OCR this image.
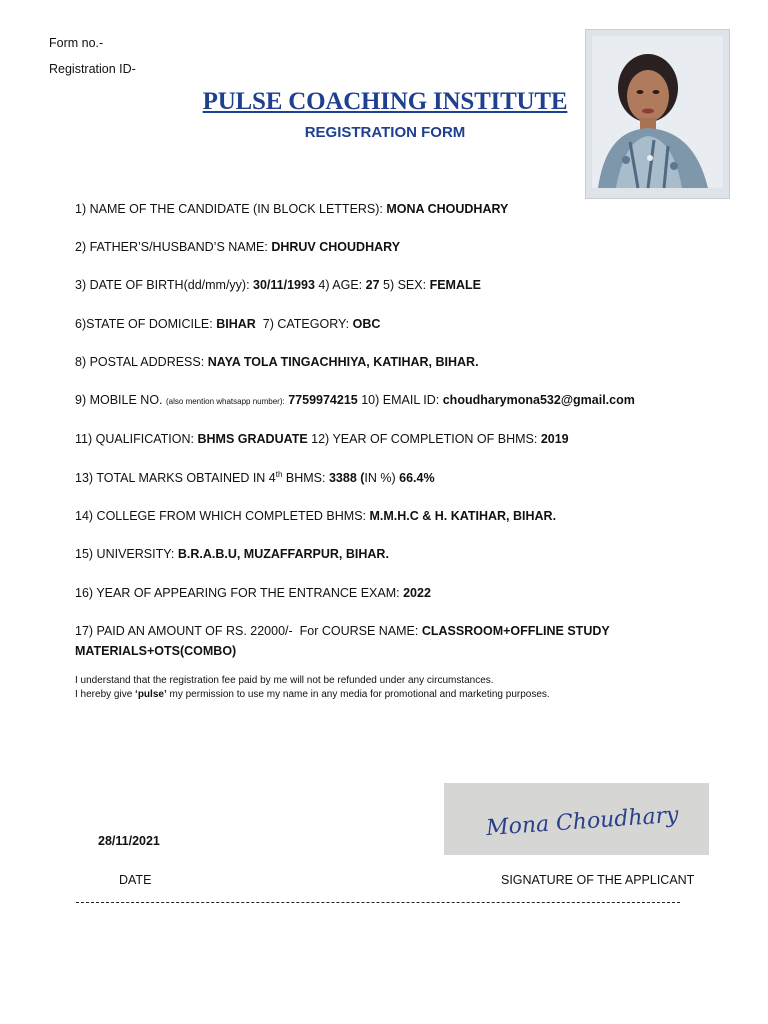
Form no.-
Registration ID-
PULSE COACHING INSTITUTE
REGISTRATION FORM
1) NAME OF THE CANDIDATE (IN BLOCK LETTERS): MONA CHOUDHARY
2) FATHER’S/HUSBAND’S NAME: DHRUV CHOUDHARY
3) DATE OF BIRTH(dd/mm/yy): 30/11/1993 4) AGE: 27 5) SEX: FEMALE
6)STATE OF DOMICILE: BIHAR  7) CATEGORY: OBC
8) POSTAL ADDRESS: NAYA TOLA TINGACHHIYA, KATIHAR, BIHAR.
9) MOBILE NO. (also mention whatsapp number): 7759974215 10) EMAIL ID: choudharymona532@gmail.com
11) QUALIFICATION: BHMS GRADUATE 12) YEAR OF COMPLETION OF BHMS: 2019
13) TOTAL MARKS OBTAINED IN 4th BHMS: 3388 (IN %) 66.4%
14) COLLEGE FROM WHICH COMPLETED BHMS: M.M.H.C & H. KATIHAR, BIHAR.
15) UNIVERSITY: B.R.A.B.U, MUZAFFARPUR, BIHAR.
16) YEAR OF APPEARING FOR THE ENTRANCE EXAM: 2022
17) PAID AN AMOUNT OF RS. 22000/-  For COURSE NAME: CLASSROOM+OFFLINE STUDY
MATERIALS+OTS(COMBO)
I understand that the registration fee paid by me will not be refunded under any circumstances.
I hereby give ‘pulse’ my permission to use my name in any media for promotional and marketing purposes.
Mona Choudhary
28/11/2021
DATE	SIGNATURE OF THE APPLICANT
